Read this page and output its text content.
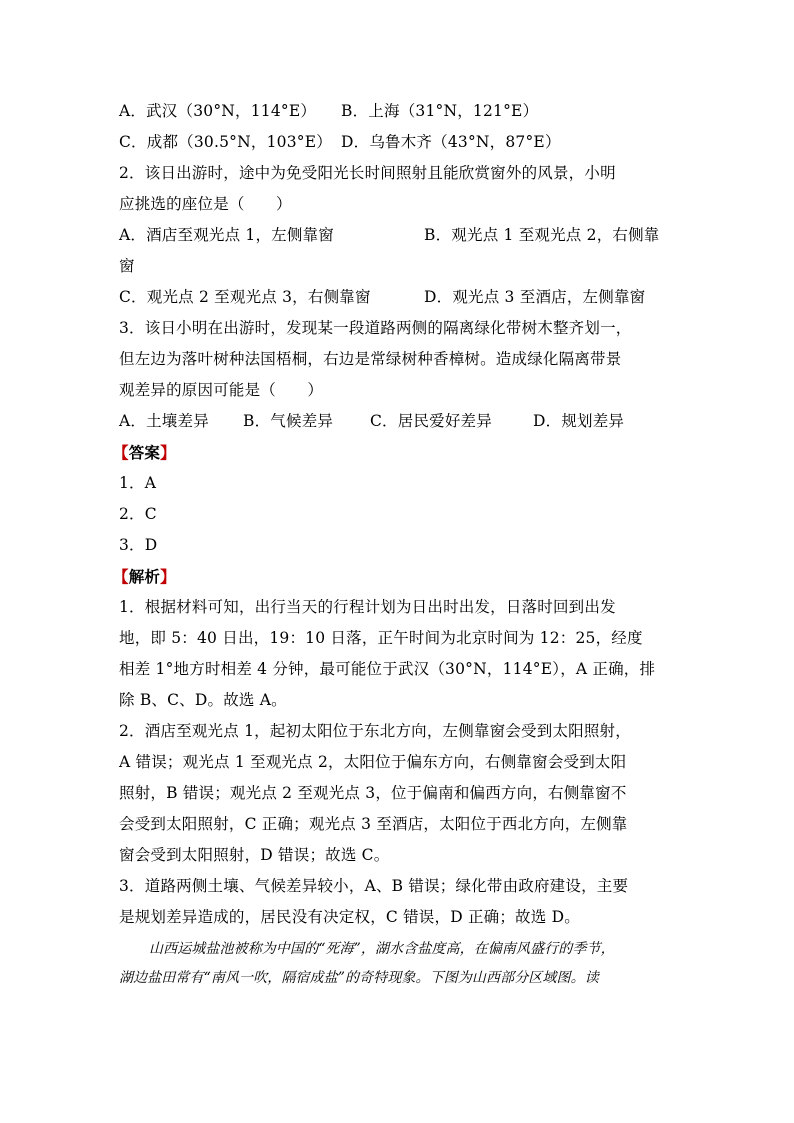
A．武汉（30°N，114°E）	B．上海（31°N，121°E）
C．成都（30.5°N，103°E） D．乌鲁木齐（43°N，87°E）
2．该日出游时，途中为免受阳光长时间照射且能欣赏窗外的风景，小明
应挑选的座位是（　　）
A．酒店至观光点 1，左侧靠窗	B．观光点 1 至观光点 2，右侧靠
窗
C．观光点 2 至观光点 3，右侧靠窗	D．观光点 3 至酒店，左侧靠窗
3．该日小明在出游时，发现某一段道路两侧的隔离绿化带树木整齐划一，
但左边为落叶树种法国梧桐，右边是常绿树种香樟树。造成绿化隔离带景
观差异的原因可能是（　　）
A．土壤差异	B．气候差异	C．居民爱好差异	D．规划差异
【答案】
1．A
2．C
3．D
【解析】
1．根据材料可知，出行当天的行程计划为日出时出发，日落时回到出发
地，即 5：40 日出，19：10 日落，正午时间为北京时间为 12：25，经度
相差 1°地方时相差 4 分钟，最可能位于武汉（30°N，114°E），A 正确，排
除 B、C、D。故选 A。
2．酒店至观光点 1，起初太阳位于东北方向，左侧靠窗会受到太阳照射，
A 错误；观光点 1 至观光点 2，太阳位于偏东方向，右侧靠窗会受到太阳
照射，B 错误；观光点 2 至观光点 3，位于偏南和偏西方向，右侧靠窗不
会受到太阳照射，C 正确；观光点 3 至酒店，太阳位于西北方向，左侧靠
窗会受到太阳照射，D 错误；故选 C。
3．道路两侧土壤、气候差异较小，A、B 错误；绿化带由政府建设，主要
是规划差异造成的，居民没有决定权，C 错误，D 正确；故选 D。
山西运城盐池被称为中国的“死海”，湖水含盐度高，在偏南风盛行的季节，
湖边盐田常有“南风一吹，隔宿成盐”的奇特现象。下图为山西部分区域图。读
